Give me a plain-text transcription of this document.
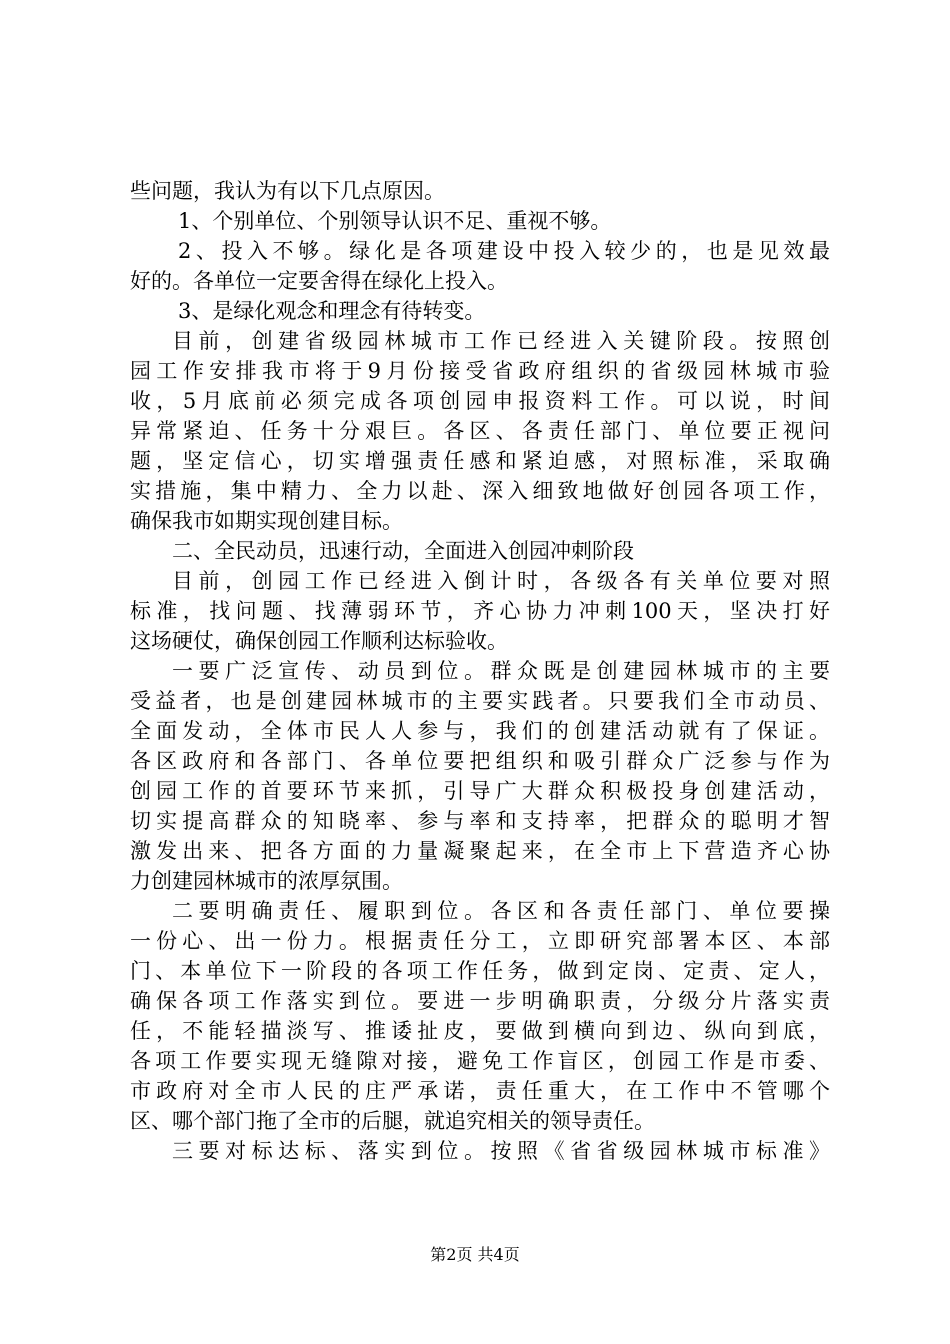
些问题，我认为有以下几点原因。
1、个别单位、个别领导认识不足、重视不够。
2、投入不够。绿化是各项建设中投入较少的，也是见效最
好的。各单位一定要舍得在绿化上投入。
3、是绿化观念和理念有待转变。
目前，创建省级园林城市工作已经进入关键阶段。按照创
园工作安排我市将于9月份接受省政府组织的省级园林城市验
收，5月底前必须完成各项创园申报资料工作。可以说，时间
异常紧迫、任务十分艰巨。各区、各责任部门、单位要正视问
题，坚定信心，切实增强责任感和紧迫感，对照标准，采取确
实措施，集中精力、全力以赴、深入细致地做好创园各项工作，
确保我市如期实现创建目标。
二、全民动员，迅速行动，全面进入创园冲刺阶段
目前，创园工作已经进入倒计时，各级各有关单位要对照
标准，找问题、找薄弱环节，齐心协力冲刺100天，坚决打好
这场硬仗，确保创园工作顺利达标验收。
一要广泛宣传、动员到位。群众既是创建园林城市的主要
受益者，也是创建园林城市的主要实践者。只要我们全市动员、
全面发动，全体市民人人参与，我们的创建活动就有了保证。
各区政府和各部门、各单位要把组织和吸引群众广泛参与作为
创园工作的首要环节来抓，引导广大群众积极投身创建活动，
切实提高群众的知晓率、参与率和支持率，把群众的聪明才智
激发出来、把各方面的力量凝聚起来，在全市上下营造齐心协
力创建园林城市的浓厚氛围。
二要明确责任、履职到位。各区和各责任部门、单位要操
一份心、出一份力。根据责任分工，立即研究部署本区、本部
门、本单位下一阶段的各项工作任务，做到定岗、定责、定人，
确保各项工作落实到位。要进一步明确职责，分级分片落实责
任，不能轻描淡写、推诿扯皮，要做到横向到边、纵向到底，
各项工作要实现无缝隙对接，避免工作盲区，创园工作是市委、
市政府对全市人民的庄严承诺，责任重大，在工作中不管哪个
区、哪个部门拖了全市的后腿，就追究相关的领导责任。
三要对标达标、落实到位。按照《省省级园林城市标准》
第2页 共4页
